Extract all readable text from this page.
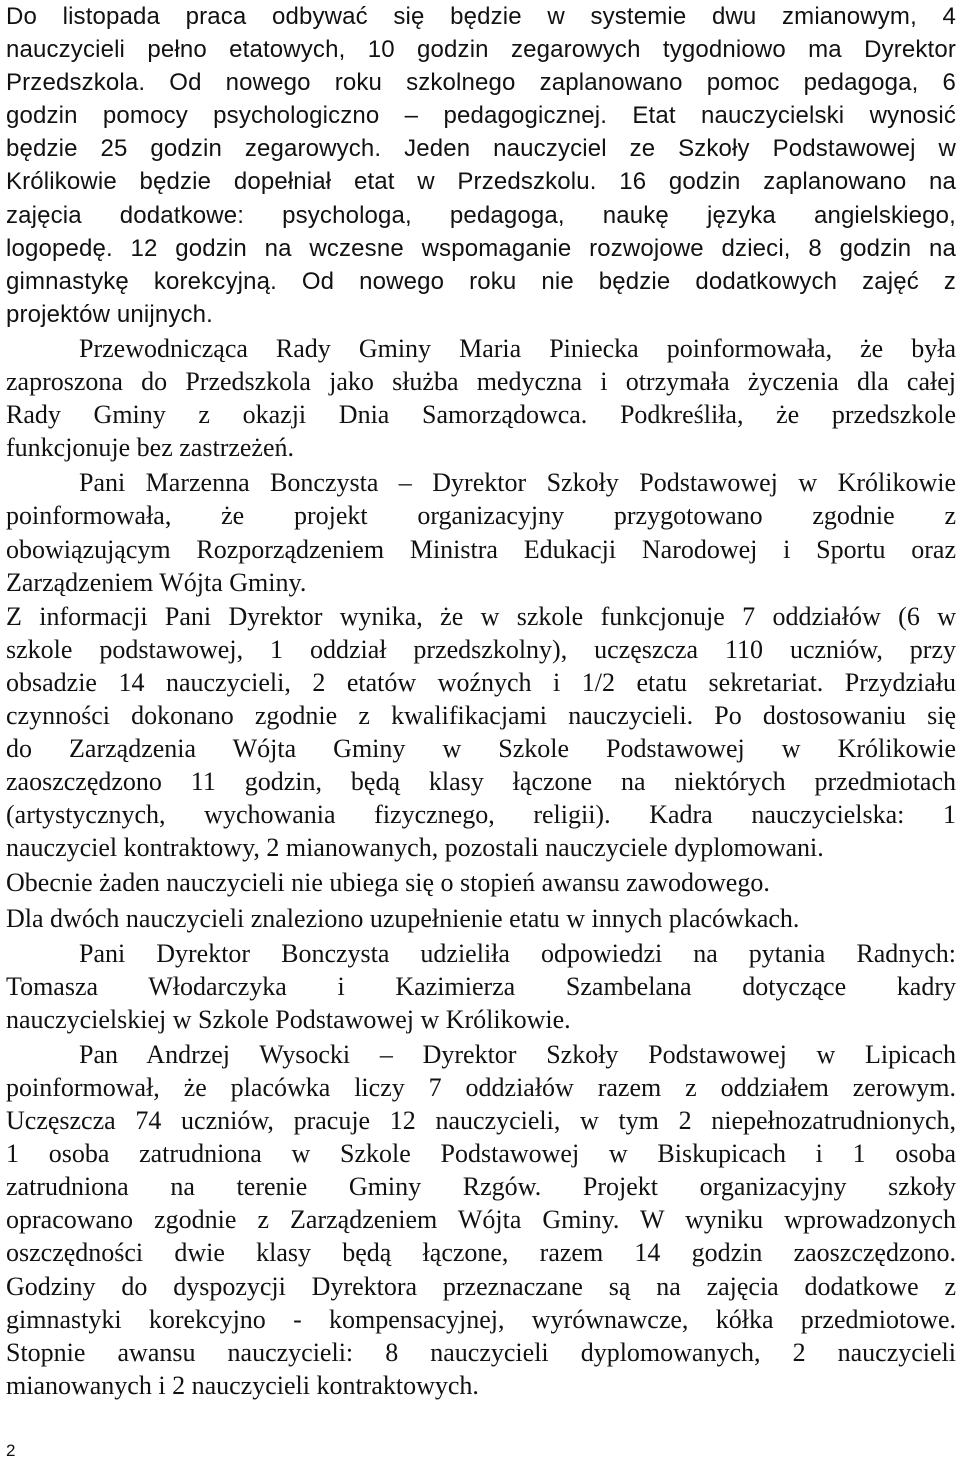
Do listopada praca odbywać się będzie w systemie dwu zmianowym, 4
nauczycieli pełno etatowych, 10 godzin zegarowych tygodniowo ma Dyrektor
Przedszkola. Od nowego roku szkolnego zaplanowano pomoc pedagoga, 6
godzin pomocy psychologiczno – pedagogicznej. Etat nauczycielski wynosić
będzie 25 godzin zegarowych. Jeden nauczyciel ze Szkoły Podstawowej w
Królikowie będzie dopełniał etat w Przedszkolu. 16 godzin zaplanowano na
zajęcia dodatkowe: psychologa, pedagoga, naukę języka angielskiego,
logopedę. 12 godzin na wczesne wspomaganie rozwojowe dzieci, 8 godzin na
gimnastykę korekcyjną. Od nowego roku nie będzie dodatkowych zajęć z
projektów unijnych.
Przewodnicząca Rady Gminy Maria Piniecka poinformowała, że była
zaproszona do Przedszkola jako służba medyczna i otrzymała życzenia dla całej
Rady Gminy z okazji Dnia Samorządowca. Podkreśliła, że przedszkole
funkcjonuje bez zastrzeżeń.
Pani Marzenna Bonczysta – Dyrektor Szkoły Podstawowej w Królikowie
poinformowała, że projekt organizacyjny przygotowano zgodnie z
obowiązującym Rozporządzeniem Ministra Edukacji Narodowej i Sportu oraz
Zarządzeniem Wójta Gminy.
Z informacji Pani Dyrektor wynika, że w szkole funkcjonuje 7 oddziałów (6 w
szkole podstawowej, 1 oddział przedszkolny), uczęszcza 110 uczniów, przy
obsadzie 14 nauczycieli, 2 etatów woźnych i 1/2 etatu sekretariat. Przydziału
czynności dokonano zgodnie z kwalifikacjami nauczycieli. Po dostosowaniu się
do Zarządzenia Wójta Gminy w Szkole Podstawowej w Królikowie
zaoszczędzono 11 godzin, będą klasy łączone na niektórych przedmiotach
(artystycznych, wychowania fizycznego, religii). Kadra nauczycielska: 1
nauczyciel kontraktowy, 2 mianowanych, pozostali nauczyciele dyplomowani.
Obecnie żaden nauczycieli nie ubiega się o stopień awansu zawodowego.
Dla dwóch nauczycieli znaleziono uzupełnienie etatu w innych placówkach.
Pani Dyrektor Bonczysta udzieliła odpowiedzi na pytania Radnych:
Tomasza Włodarczyka i Kazimierza Szambelana dotyczące kadry
nauczycielskiej w Szkole Podstawowej w Królikowie.
Pan Andrzej Wysocki – Dyrektor Szkoły Podstawowej w Lipicach
poinformował, że placówka liczy 7 oddziałów razem z oddziałem zerowym.
Uczęszcza 74 uczniów, pracuje 12 nauczycieli, w tym 2 niepełnozatrudnionych,
1 osoba zatrudniona w Szkole Podstawowej w Biskupicach i 1 osoba
zatrudniona na terenie Gminy Rzgów. Projekt organizacyjny szkoły
opracowano zgodnie z Zarządzeniem Wójta Gminy. W wyniku wprowadzonych
oszczędności dwie klasy będą łączone, razem 14 godzin zaoszczędzono.
Godziny do dyspozycji Dyrektora przeznaczane są na zajęcia dodatkowe z
gimnastyki korekcyjno - kompensacyjnej, wyrównawcze, kółka przedmiotowe.
Stopnie awansu nauczycieli: 8 nauczycieli dyplomowanych, 2 nauczycieli
mianowanych i 2 nauczycieli kontraktowych.
2
